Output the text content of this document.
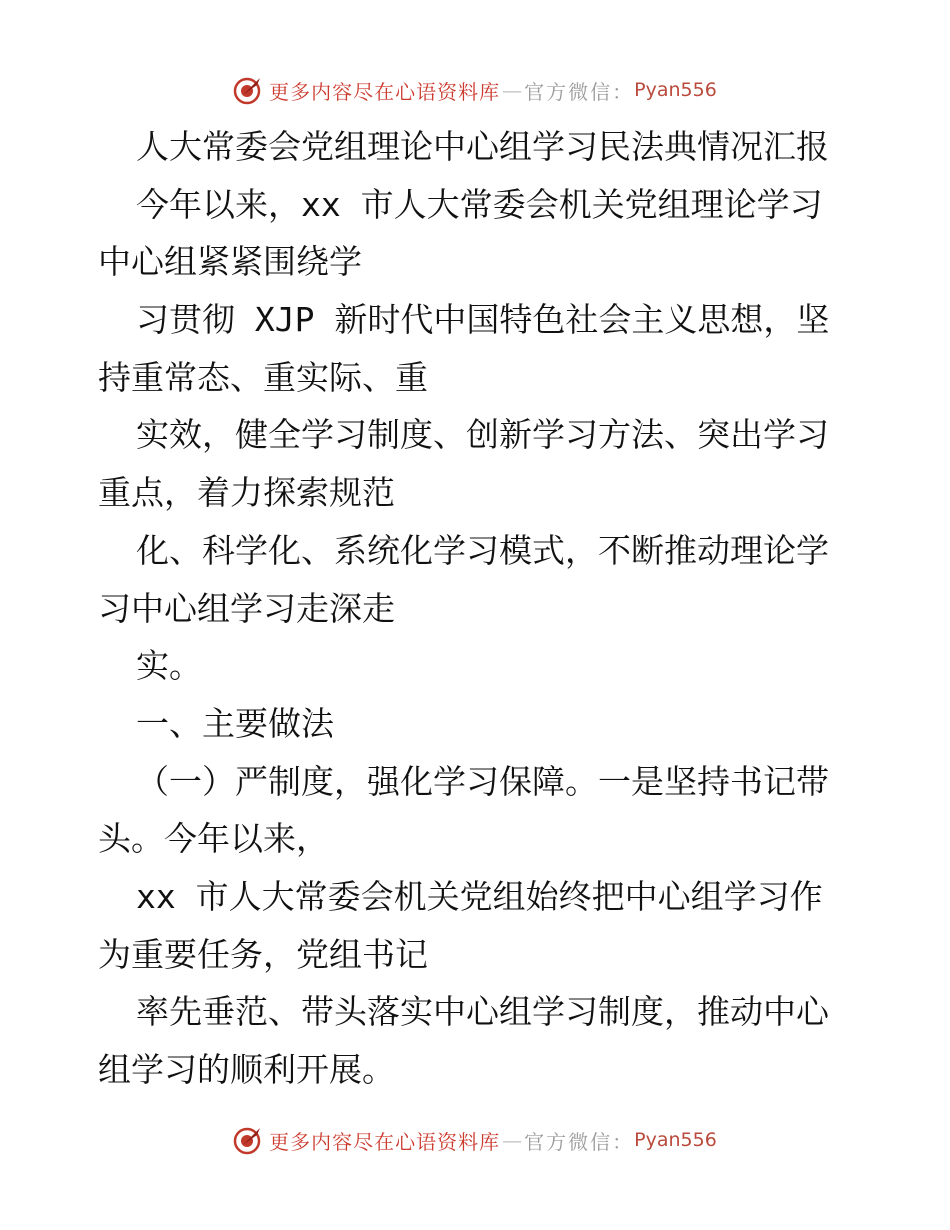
更多内容尽在心语资料库 — 官方微信： Pyan556

人大常委会党组理论中心组学习民法典情况汇报

今年以来，xx 市人大常委会机关党组理论学习

中心组紧紧围绕学

习贯彻 XJP 新时代中国特色社会主义思想，坚

持重常态、重实际、重

实效，健全学习制度、创新学习方法、突出学习

重点，着力探索规范

化、科学化、系统化学习模式，不断推动理论学

习中心组学习走深走

实。

一、主要做法

（一）严制度，强化学习保障。一是坚持书记带

头。今年以来，

xx 市人大常委会机关党组始终把中心组学习作

为重要任务，党组书记

率先垂范、带头落实中心组学习制度，推动中心

组学习的顺利开展。

更多内容尽在心语资料库 — 官方微信： Pyan556
